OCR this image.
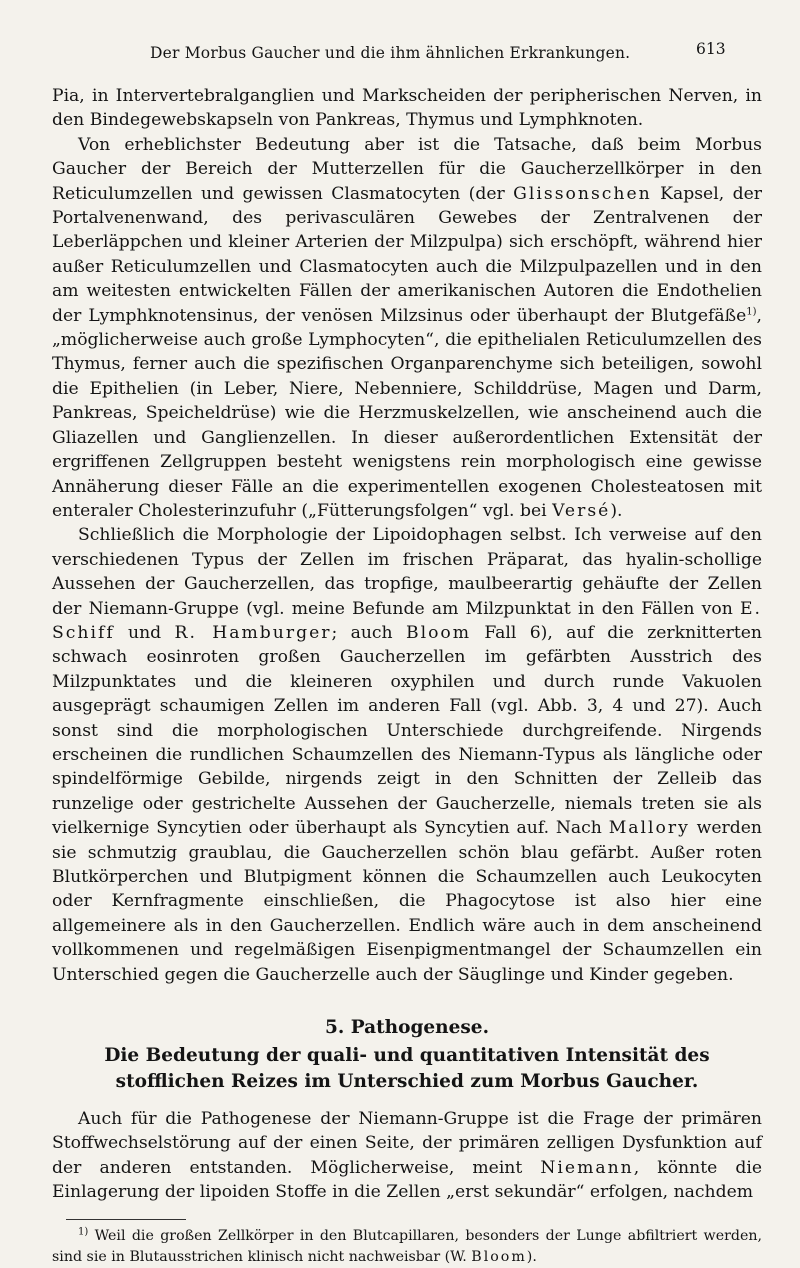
Der Morbus Gaucher und die ihm ähnlichen Erkrankungen.	613

Pia, in Intervertebralganglien und Markscheiden der peripherischen Nerven, in den Bindegewebskapseln von Pankreas, Thymus und Lymphknoten.

Von erheblichster Bedeutung aber ist die Tatsache, daß beim Morbus Gaucher der Bereich der Mutterzellen für die Gaucherzellkörper in den Reticulumzellen und gewissen Clasmatocyten (der Glissonschen Kapsel, der Portalvenenwand, des perivasculären Gewebes der Zentralvenen der Leberläppchen und kleiner Arterien der Milzpulpa) sich erschöpft, während hier außer Reticulumzellen und Clasmatocyten auch die Milzpulpazellen und in den am weitesten entwickelten Fällen der amerikanischen Autoren die Endothelien der Lymphknotensinus, der venösen Milzsinus oder überhaupt der Blutgefäße$^{1)}$, „möglicherweise auch große Lymphocyten“, die epithelialen Reticulumzellen des Thymus, ferner auch die spezifischen Organparenchyme sich beteiligen, sowohl die Epithelien (in Leber, Niere, Nebenniere, Schilddrüse, Magen und Darm, Pankreas, Speicheldrüse) wie die Herzmuskelzellen, wie anscheinend auch die Gliazellen und Ganglienzellen. In dieser außerordentlichen Extensität der ergriffenen Zellgruppen besteht wenigstens rein morphologisch eine gewisse Annäherung dieser Fälle an die experimentellen exogenen Cholesteatosen mit enteraler Cholesterinzufuhr („Fütterungsfolgen“ vgl. bei Versé).

Schließlich die Morphologie der Lipoidophagen selbst. Ich verweise auf den verschiedenen Typus der Zellen im frischen Präparat, das hyalin-schollige Aussehen der Gaucherzellen, das tropfige, maulbeerartig gehäufte der Zellen der Niemann-Gruppe (vgl. meine Befunde am Milzpunktat in den Fällen von E. Schiff und R. Hamburger; auch Bloom Fall 6), auf die zerknitterten schwach eosinroten großen Gaucherzellen im gefärbten Ausstrich des Milzpunktates und die kleineren oxyphilen und durch runde Vakuolen ausgeprägt schaumigen Zellen im anderen Fall (vgl. Abb. 3, 4 und 27). Auch sonst sind die morphologischen Unterschiede durchgreifende. Nirgends erscheinen die rundlichen Schaumzellen des Niemann-Typus als längliche oder spindelförmige Gebilde, nirgends zeigt in den Schnitten der Zelleib das runzelige oder gestrichelte Aussehen der Gaucherzelle, niemals treten sie als vielkernige Syncytien oder überhaupt als Syncytien auf. Nach Mallory werden sie schmutzig graublau, die Gaucherzellen schön blau gefärbt. Außer roten Blutkörperchen und Blutpigment können die Schaumzellen auch Leukocyten oder Kernfragmente einschließen, die Phagocytose ist also hier eine allgemeinere als in den Gaucherzellen. Endlich wäre auch in dem anscheinend vollkommenen und regelmäßigen Eisenpigmentmangel der Schaumzellen ein Unterschied gegen die Gaucherzelle auch der Säuglinge und Kinder gegeben.

5. Pathogenese.
Die Bedeutung der quali- und quantitativen Intensität des stofflichen Reizes im Unterschied zum Morbus Gaucher.

Auch für die Pathogenese der Niemann-Gruppe ist die Frage der primären Stoffwechselstörung auf der einen Seite, der primären zelligen Dysfunktion auf der anderen entstanden. Möglicherweise, meint Niemann, könnte die Einlagerung der lipoiden Stoffe in die Zellen „erst sekundär“ erfolgen, nachdem

$^{1)}$ Weil die großen Zellkörper in den Blutcapillaren, besonders der Lunge abfiltriert werden, sind sie in Blutausstrichen klinisch nicht nachweisbar (W. Bloom).
